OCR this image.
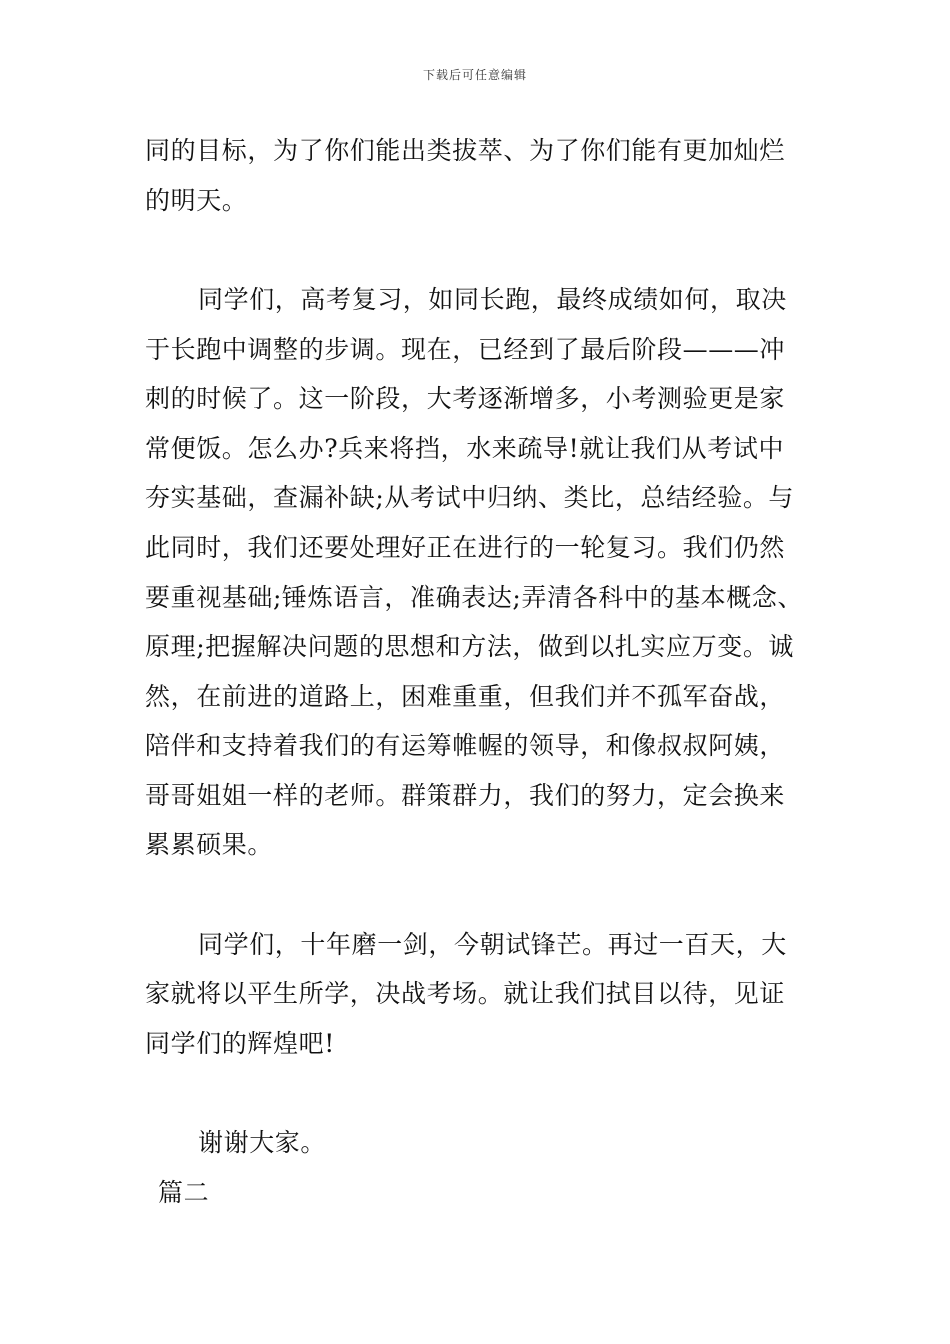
下载后可任意编辑
同的目标，为了你们能出类拔萃、为了你们能有更加灿烂
的明天。
同学们，高考复习，如同长跑，最终成绩如何，取决
于长跑中调整的步调。现在，已经到了最后阶段———冲
刺的时候了。这一阶段，大考逐渐增多，小考测验更是家
常便饭。怎么办?兵来将挡，水来疏导!就让我们从考试中
夯实基础，查漏补缺;从考试中归纳、类比，总结经验。与
此同时，我们还要处理好正在进行的一轮复习。我们仍然
要重视基础;锤炼语言，准确表达;弄清各科中的基本概念、
原理;把握解决问题的思想和方法，做到以扎实应万变。诚
然，在前进的道路上，困难重重，但我们并不孤军奋战，
陪伴和支持着我们的有运筹帷幄的领导，和像叔叔阿姨，
哥哥姐姐一样的老师。群策群力，我们的努力，定会换来
累累硕果。
同学们，十年磨一剑，今朝试锋芒。再过一百天，大
家就将以平生所学，决战考场。就让我们拭目以待，见证
同学们的辉煌吧!
谢谢大家。
篇二
